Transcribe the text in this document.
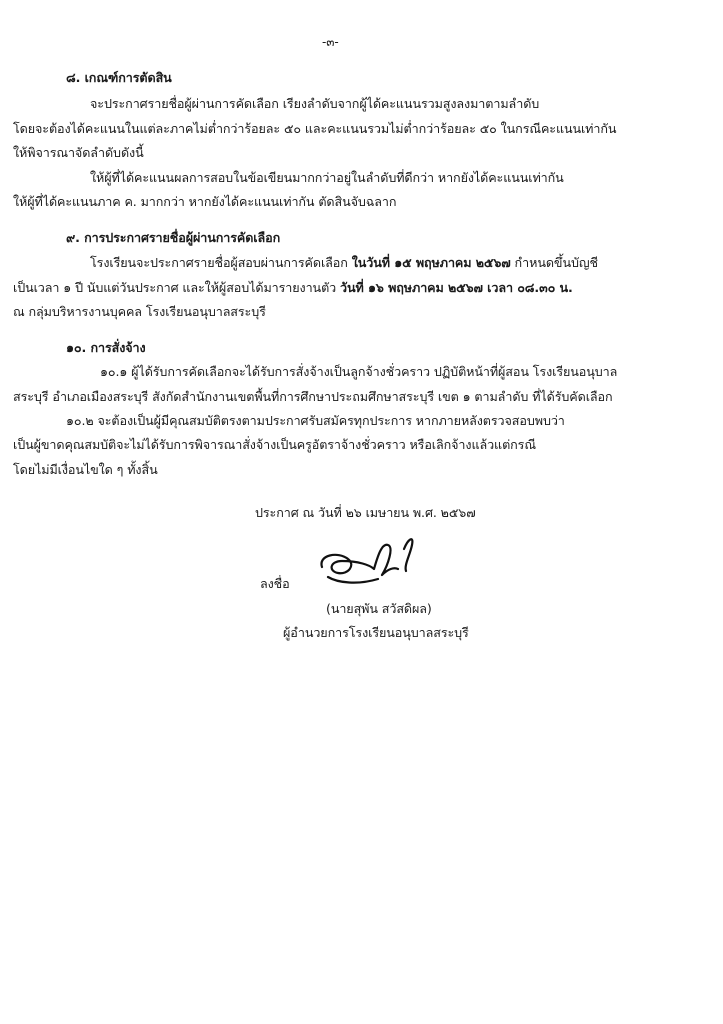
-๓-
๘. เกณฑ์การตัดสิน
จะประกาศรายชื่อผู้ผ่านการคัดเลือก เรียงลำดับจากผู้ได้คะแนนรวมสูงลงมาตามลำดับ
โดยจะต้องได้คะแนนในแต่ละภาคไม่ต่ำกว่าร้อยละ ๕๐ และคะแนนรวมไม่ต่ำกว่าร้อยละ ๕๐ ในกรณีคะแนนเท่ากัน
ให้พิจารณาจัดลำดับดังนี้
ให้ผู้ที่ได้คะแนนผลการสอบในข้อเขียนมากกว่าอยู่ในลำดับที่ดีกว่า หากยังได้คะแนนเท่ากัน
ให้ผู้ที่ได้คะแนนภาค ค. มากกว่า หากยังได้คะแนนเท่ากัน ตัดสินจับฉลาก
๙. การประกาศรายชื่อผู้ผ่านการคัดเลือก
โรงเรียนจะประกาศรายชื่อผู้สอบผ่านการคัดเลือก ในวันที่ ๑๕ พฤษภาคม ๒๕๖๗ กำหนดขึ้นบัญชี
เป็นเวลา ๑ ปี นับแต่วันประกาศ และให้ผู้สอบได้มารายงานตัว วันที่ ๑๖ พฤษภาคม ๒๕๖๗ เวลา ๐๘.๓๐ น.
ณ กลุ่มบริหารงานบุคคล โรงเรียนอนุบาลสระบุรี
๑๐. การสั่งจ้าง
๑๐.๑ ผู้ได้รับการคัดเลือกจะได้รับการสั่งจ้างเป็นลูกจ้างชั่วคราว ปฏิบัติหน้าที่ผู้สอน โรงเรียนอนุบาล
สระบุรี อำเภอเมืองสระบุรี สังกัดสำนักงานเขตพื้นที่การศึกษาประถมศึกษาสระบุรี เขต ๑ ตามลำดับ ที่ได้รับคัดเลือก
๑๐.๒ จะต้องเป็นผู้มีคุณสมบัติตรงตามประกาศรับสมัครทุกประการ หากภายหลังตรวจสอบพบว่า
เป็นผู้ขาดคุณสมบัติจะไม่ได้รับการพิจารณาสั่งจ้างเป็นครูอัตราจ้างชั่วคราว หรือเลิกจ้างแล้วแต่กรณี
โดยไม่มีเงื่อนไขใด ๆ ทั้งสิ้น
ประกาศ ณ วันที่ ๒๖ เมษายน พ.ศ. ๒๕๖๗
ลงชื่อ
(นายสุพัน สวัสดิผล)
ผู้อำนวยการโรงเรียนอนุบาลสระบุรี
